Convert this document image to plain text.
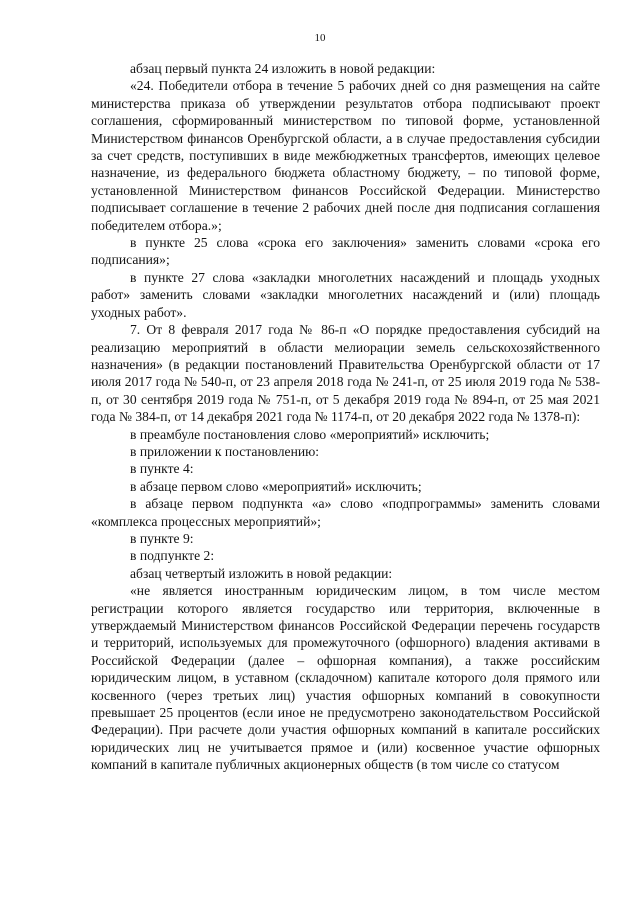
10

абзац первый пункта 24 изложить в новой редакции:

«24. Победители отбора в течение 5 рабочих дней со дня размещения на сайте министерства приказа об утверждении результатов отбора подписывают проект соглашения, сформированный министерством по типовой форме, установленной Министерством финансов Оренбургской области, а в случае предоставления субсидии за счет средств, поступивших в виде межбюджетных трансфертов, имеющих целевое назначение, из федерального бюджета областному бюджету, – по типовой форме, установленной Министерством финансов Российской Федерации. Министерство подписывает соглашение в течение 2 рабочих дней после дня подписания соглашения победителем отбора.»;

в пункте 25 слова «срока его заключения» заменить словами «срока его подписания»;

в пункте 27 слова «закладки многолетних насаждений и площадь уходных работ» заменить словами «закладки многолетних насаждений и (или) площадь уходных работ».

7. От 8 февраля 2017 года № 86-п «О порядке предоставления субсидий на реализацию мероприятий в области мелиорации земель сельскохозяйственного назначения» (в редакции постановлений Правительства Оренбургской области от 17 июля 2017 года № 540-п, от 23 апреля 2018 года № 241-п, от 25 июля 2019 года № 538-п, от 30 сентября 2019 года № 751-п, от 5 декабря 2019 года № 894-п, от 25 мая 2021 года № 384-п, от 14 декабря 2021 года № 1174-п, от 20 декабря 2022 года № 1378-п):

в преамбуле постановления слово «мероприятий» исключить;

в приложении к постановлению:

в пункте 4:

в абзаце первом слово «мероприятий» исключить;

в абзаце первом подпункта «а» слово «подпрограммы» заменить словами «комплекса процессных мероприятий»;

в пункте 9:

в подпункте 2:

абзац четвертый изложить в новой редакции:

«не является иностранным юридическим лицом, в том числе местом регистрации которого является государство или территория, включенные в утверждаемый Министерством финансов Российской Федерации перечень государств и территорий, используемых для промежуточного (офшорного) владения активами в Российской Федерации (далее – офшорная компания), а также российским юридическим лицом, в уставном (складочном) капитале которого доля прямого или косвенного (через третьих лиц) участия офшорных компаний в совокупности превышает 25 процентов (если иное не предусмотрено законодательством Российской Федерации). При расчете доли участия офшорных компаний в капитале российских юридических лиц не учитывается прямое и (или) косвенное участие офшорных компаний в капитале публичных акционерных обществ (в том числе со статусом
